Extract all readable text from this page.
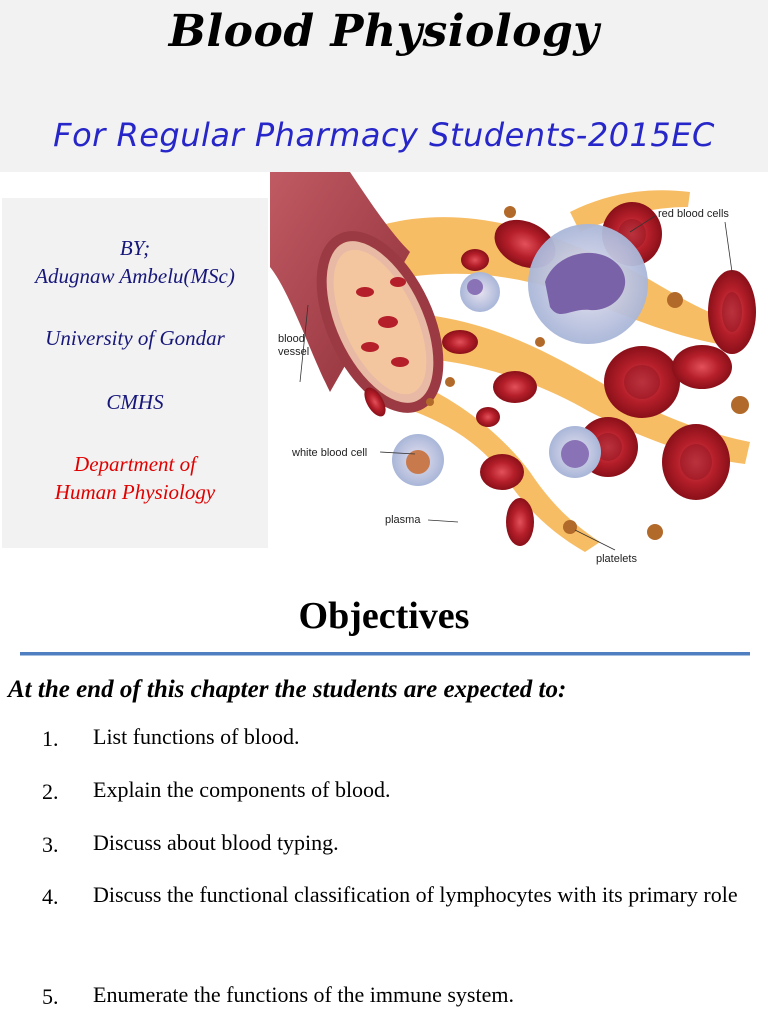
Blood Physiology
For Regular Pharmacy Students-2015EC
BY;
Adugnaw Ambelu(MSc)
University of Gondar
CMHS
Department of
Human Physiology
red blood cells
blood
vessel
white blood cell
plasma
platelets
Objectives
At the end of this chapter the students are expected to:
1. List functions of blood.
2. Explain the components of blood.
3. Discuss about blood typing.
4. Discuss the functional classification of lymphocytes with its primary role
5. Enumerate the functions of the immune system.
